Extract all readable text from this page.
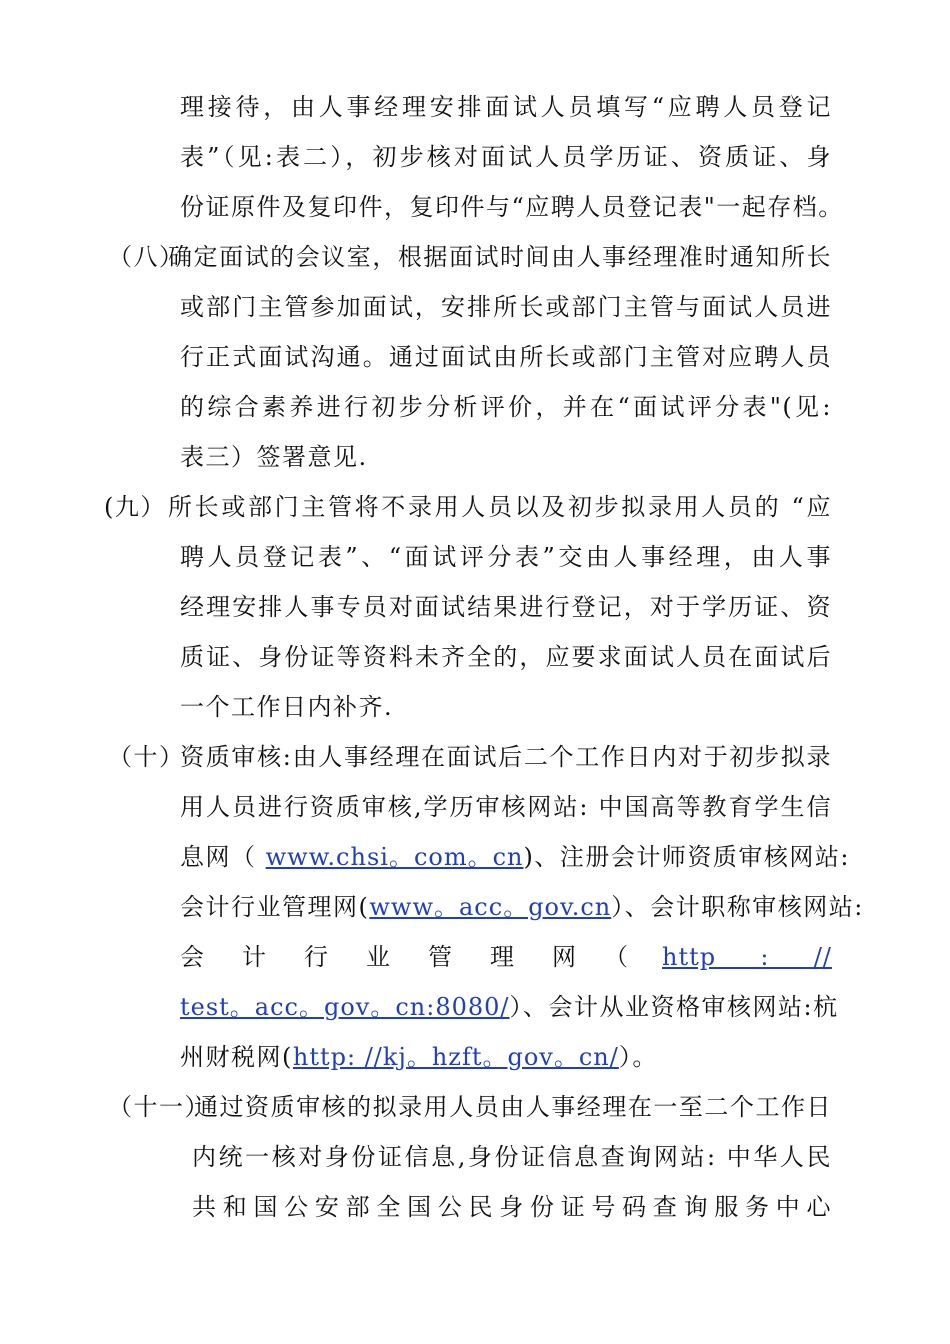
理接待，由人事经理安排面试人员填写“应聘人员登记
表”（见:表二），初步核对面试人员学历证、资质证、身
份证原件及复印件，复印件与“应聘人员登记表"一起存档。
（八）
确定面试的会议室，根据面试时间由人事经理准时通知所长
或部门主管参加面试，安排所长或部门主管与面试人员进
行正式面试沟通。通过面试由所长或部门主管对应聘人员
的综合素养进行初步分析评价，并在“面试评分表"(见:
表三）签署意见.
(九） 所长或部门主管将不录用人员以及初步拟录用人员的 “应
聘人员登记表”、“面试评分表”交由人事经理，由人事
经理安排人事专员对面试结果进行登记，对于学历证、资
质证、身份证等资料未齐全的，应要求面试人员在面试后
一个工作日内补齐.
（十）
资质审核:由人事经理在面试后二个工作日内对于初步拟录
用人员进行资质审核,学历审核网站: 中国高等教育学生信
息网（ www.chsi。com。cn)、注册会计师资质审核网站:
会计行业管理网(www。acc。gov.cn）、会计职称审核网站:
会 计 行 业 管 理 网 （ http : //
test。acc。gov。cn:8080/）、会计从业资格审核网站:杭
州财税网(http: //kj。hzft。gov。cn/）。
（十一）
通过资质审核的拟录用人员由人事经理在一至二个工作日
内统一核对身份证信息,身份证信息查询网站: 中华人民
共和国公安部全国公民身份证号码查询服务中心
